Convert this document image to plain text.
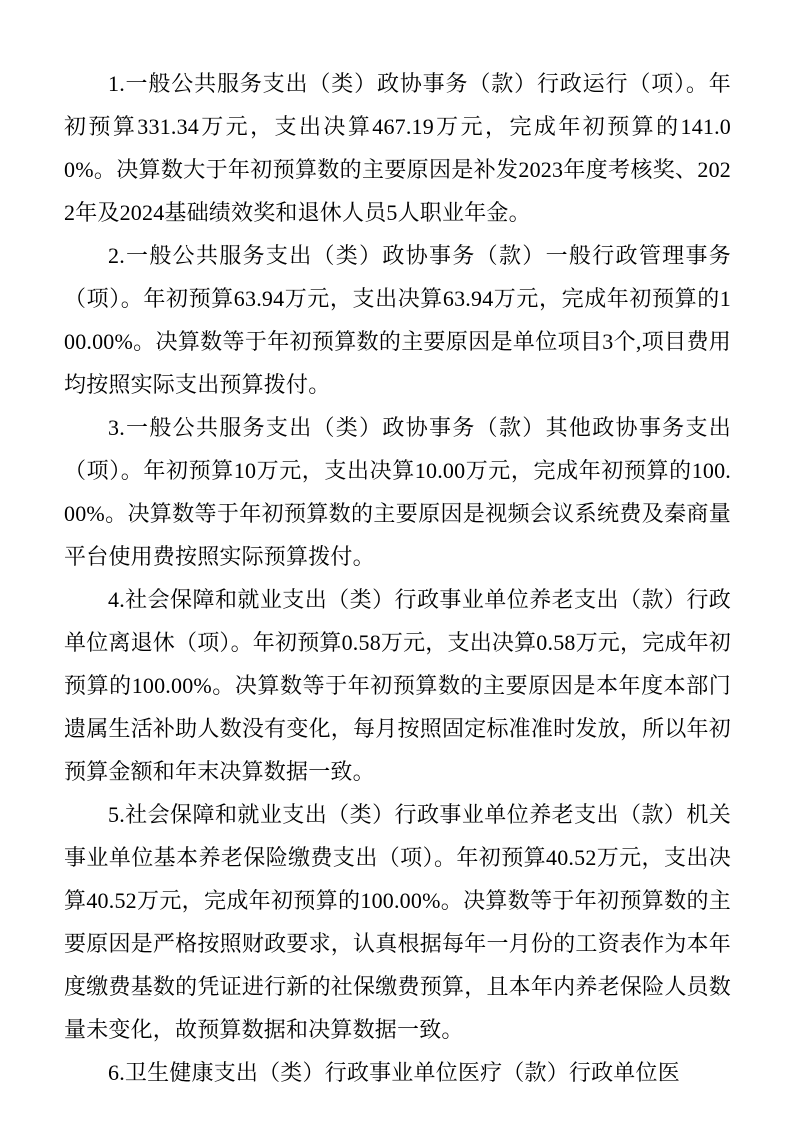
1.一般公共服务支出（类）政协事务（款）行政运行（项）。年初预算331.34万元，支出决算467.19万元，完成年初预算的141.00%。决算数大于年初预算数的主要原因是补发2023年度考核奖、2022年及2024基础绩效奖和退休人员5人职业年金。

2.一般公共服务支出（类）政协事务（款）一般行政管理事务（项）。年初预算63.94万元，支出决算63.94万元，完成年初预算的100.00%。决算数等于年初预算数的主要原因是单位项目3个,项目费用均按照实际支出预算拨付。

3.一般公共服务支出（类）政协事务（款）其他政协事务支出（项）。年初预算10万元，支出决算10.00万元，完成年初预算的100.00%。决算数等于年初预算数的主要原因是视频会议系统费及秦商量平台使用费按照实际预算拨付。

4.社会保障和就业支出（类）行政事业单位养老支出（款）行政单位离退休（项）。年初预算0.58万元，支出决算0.58万元，完成年初预算的100.00%。决算数等于年初预算数的主要原因是本年度本部门遗属生活补助人数没有变化，每月按照固定标准准时发放，所以年初预算金额和年末决算数据一致。

5.社会保障和就业支出（类）行政事业单位养老支出（款）机关事业单位基本养老保险缴费支出（项）。年初预算40.52万元，支出决算40.52万元，完成年初预算的100.00%。决算数等于年初预算数的主要原因是严格按照财政要求，认真根据每年一月份的工资表作为本年度缴费基数的凭证进行新的社保缴费预算，且本年内养老保险人员数量未变化，故预算数据和决算数据一致。

6.卫生健康支出（类）行政事业单位医疗（款）行政单位医
